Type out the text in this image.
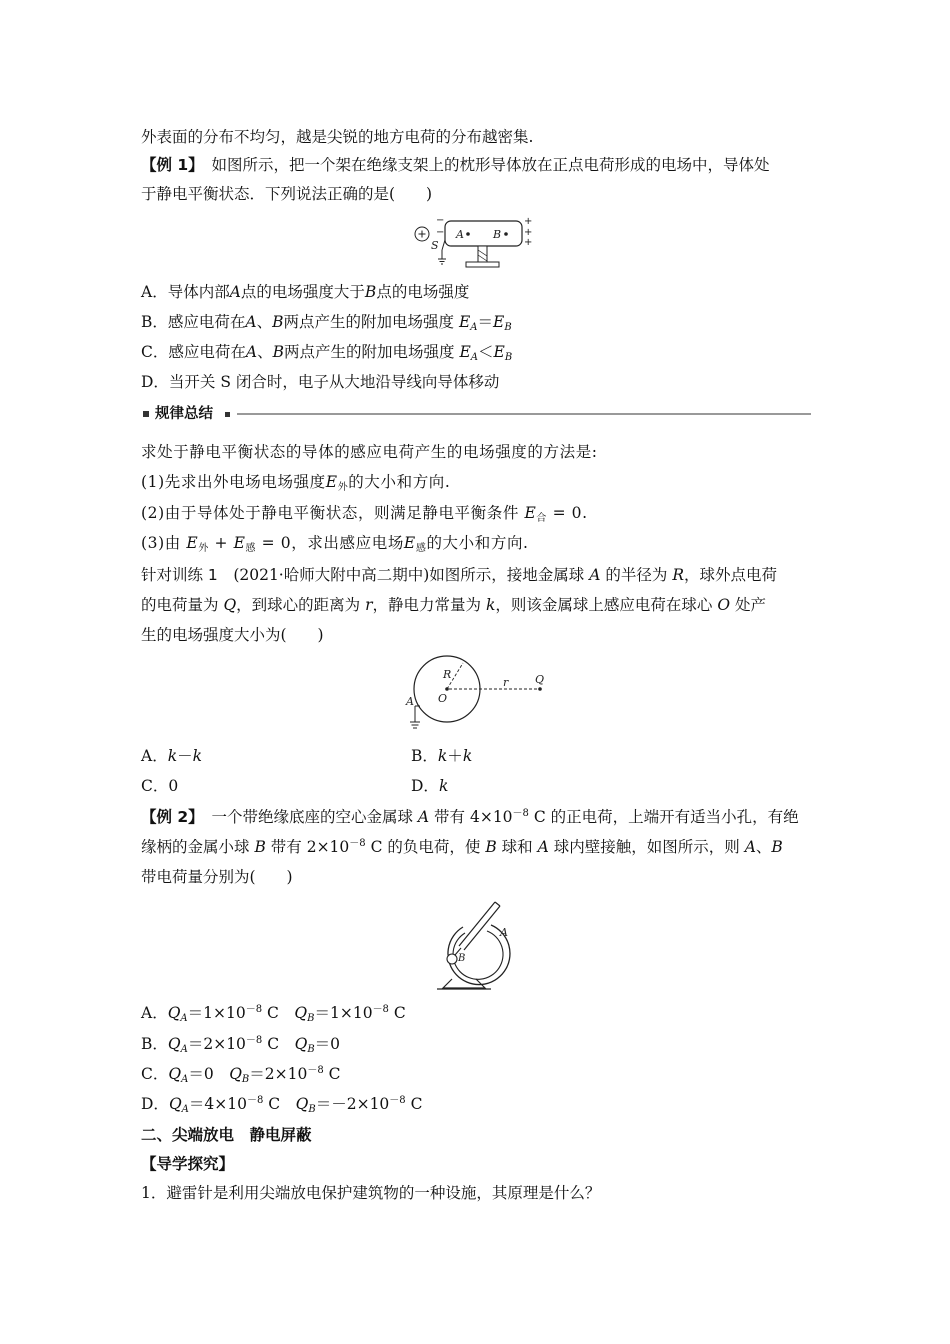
外表面的分布不均匀，越是尖锐的地方电荷的分布越密集.
【例 1】　 如图所示，把一个架在绝缘支架上的枕形导体放在正点电荷形成的电场中，导体处
于静电平衡状态．下列说法正确的是(　　)
−
−
+
+
+
A	B
S
A．导体内部A点的电场强度大于B点的电场强度
B．感应电荷在A、B两点产生的附加电场强度 $E_A=E_B$
C．感应电荷在A、B两点产生的附加电场强度 $E_A<E_B$
D．当开关 S 闭合时，电子从大地沿导线向导体移动
规律总结
求处于静电平衡状态的导体的感应电荷产生的电场强度的方法是:
(1)先求出外电场电场强度$E_外$的大小和方向.
(2)由于导体处于静电平衡状态，则满足静电平衡条件 $E_合 = 0$.
(3)由 $E_外 + E_感 = 0$，求出感应电场$E_感$的大小和方向.
针对训练 1　 (2021·哈师大附中高二期中)如图所示，接地金属球 A 的半径为 R，球外点电荷
的电荷量为 Q，到球心的距离为 r，静电力常量为 k，则该金属球上感应电荷在球心 O 处产
生的电场强度大小为(　　)
R
O
r Q
A
A．k－k	B．k＋k
C．0	D．k
【例 2】　 一个带绝缘底座的空心金属球 A 带有 $4\times 10^{-8}$ C 的正电荷，上端开有适当小孔，有绝
缘柄的金属小球 B 带有 $2\times 10^{-8}$ C 的负电荷，使 B 球和 A 球内壁接触，如图所示，则 A、B
带电荷量分别为(　　)
B
A
A．$Q_A=1\times 10^{-8}$ C　$Q_B=1\times 10^{-8}$ C
B．$Q_A=2\times 10^{-8}$ C　$Q_B=0$
C．$Q_A=0$　$Q_B=2\times 10^{-8}$ C
D．$Q_A=4\times 10^{-8}$ C　$Q_B=-2\times 10^{-8}$ C
二、尖端放电　静电屏蔽
【导学探究】
1．避雷针是利用尖端放电保护建筑物的一种设施，其原理是什么？
